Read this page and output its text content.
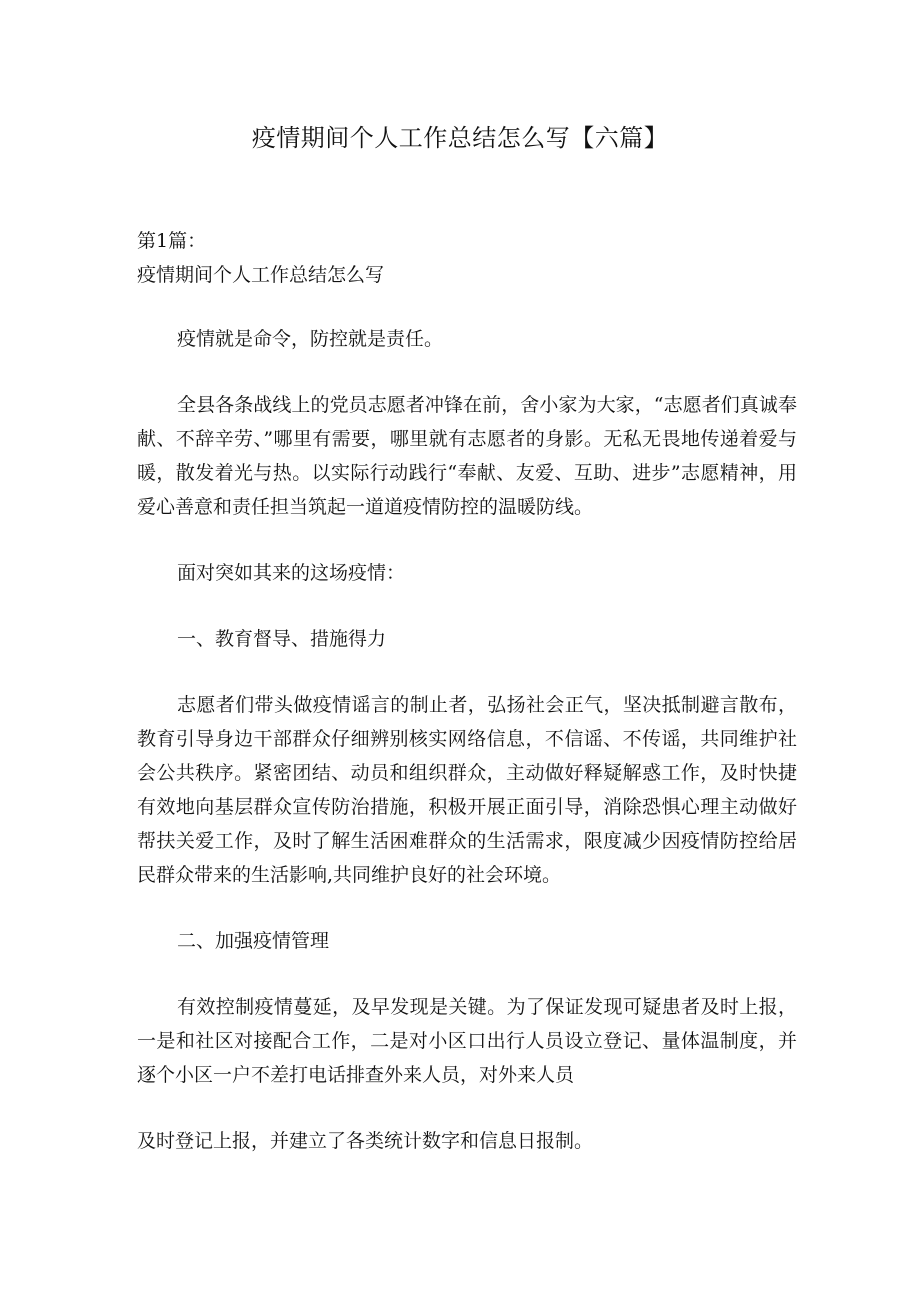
疫情期间个人工作总结怎么写【六篇】

第1篇：

疫情期间个人工作总结怎么写

疫情就是命令，防控就是责任。

全县各条战线上的党员志愿者冲锋在前，舍小家为大家，“志愿者们真诚奉献、不辞辛劳、”哪里有需要，哪里就有志愿者的身影。无私无畏地传递着爱与暖，散发着光与热。以实际行动践行“奉献、友爱、互助、进步”志愿精神，用爱心善意和责任担当筑起一道道疫情防控的温暖防线。

面对突如其来的这场疫情：

一、教育督导、措施得力

志愿者们带头做疫情谣言的制止者，弘扬社会正气，坚决抵制避言散布，教育引导身边干部群众仔细辨别核实网络信息，不信谣、不传谣，共同维护社会公共秩序。紧密团结、动员和组织群众，主动做好释疑解惑工作，及时快捷有效地向基层群众宣传防治措施，积极开展正面引导，消除恐惧心理主动做好帮扶关爱工作，及时了解生活困难群众的生活需求，限度减少因疫情防控给居民群众带来的生活影响,共同维护良好的社会环境。

二、加强疫情管理

有效控制疫情蔓延，及早发现是关键。为了保证发现可疑患者及时上报，一是和社区对接配合工作，二是对小区口出行人员设立登记、量体温制度，并逐个小区一户不差打电话排查外来人员，对外来人员

及时登记上报，并建立了各类统计数字和信息日报制。
